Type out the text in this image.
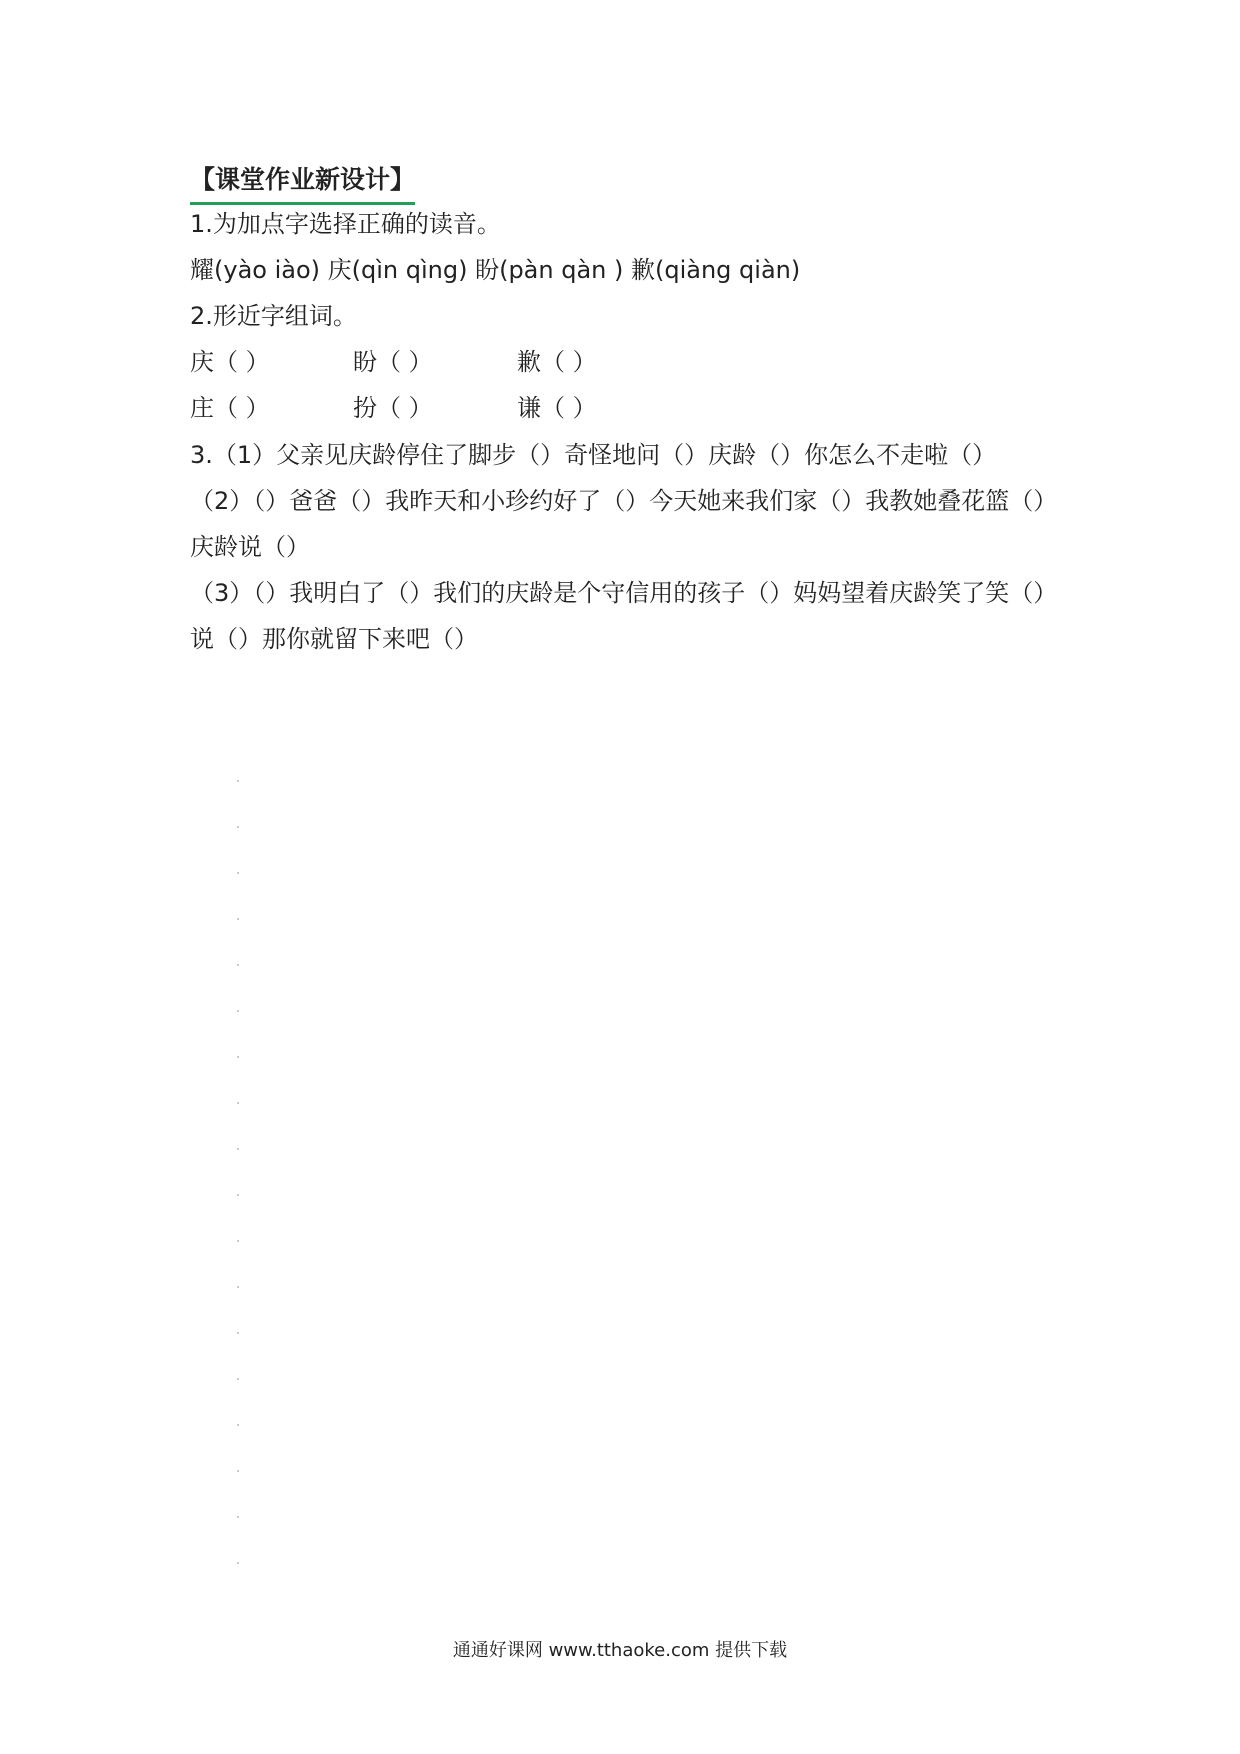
【课堂作业新设计】
1.为加点字选择正确的读音。
耀(yào iào) 庆(qìn qìng) 盼(pàn qàn ) 歉(qiàng qiàn)
2.形近字组词。
庆（ ）	盼（ ）	歉（ ）
庄（ ）	扮（ ）	谦（ ）
3.（1）父亲见庆龄停住了脚步（）奇怪地问（）庆龄（）你怎么不走啦（）
（2）（）爸爸（）我昨天和小珍约好了（）今天她来我们家（）我教她叠花篮（）
庆龄说（）
（3）（）我明白了（）我们的庆龄是个守信用的孩子（）妈妈望着庆龄笑了笑（）
说（）那你就留下来吧（）
通通好课网 www.tthaoke.com 提供下载
